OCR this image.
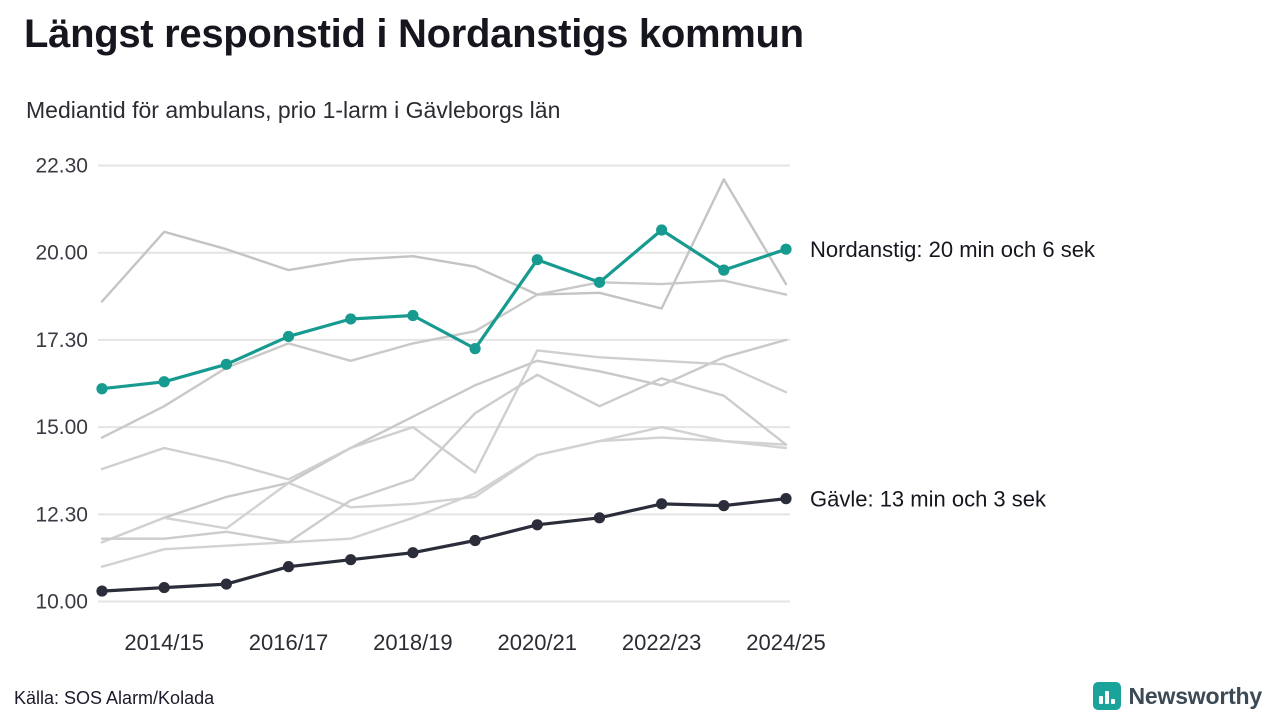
Längst responstid i Nordanstigs kommun
Mediantid för ambulans, prio 1-larm i Gävleborgs län
10.00
12.30
15.00
17.30
20.00
22.30
2014/15 2016/17 2018/19 2020/21 2022/23 2024/25
Nordanstig: 20 min och 6 sek
Gävle: 13 min och 3 sek
Källa: SOS Alarm/Kolada	Newsworthy
